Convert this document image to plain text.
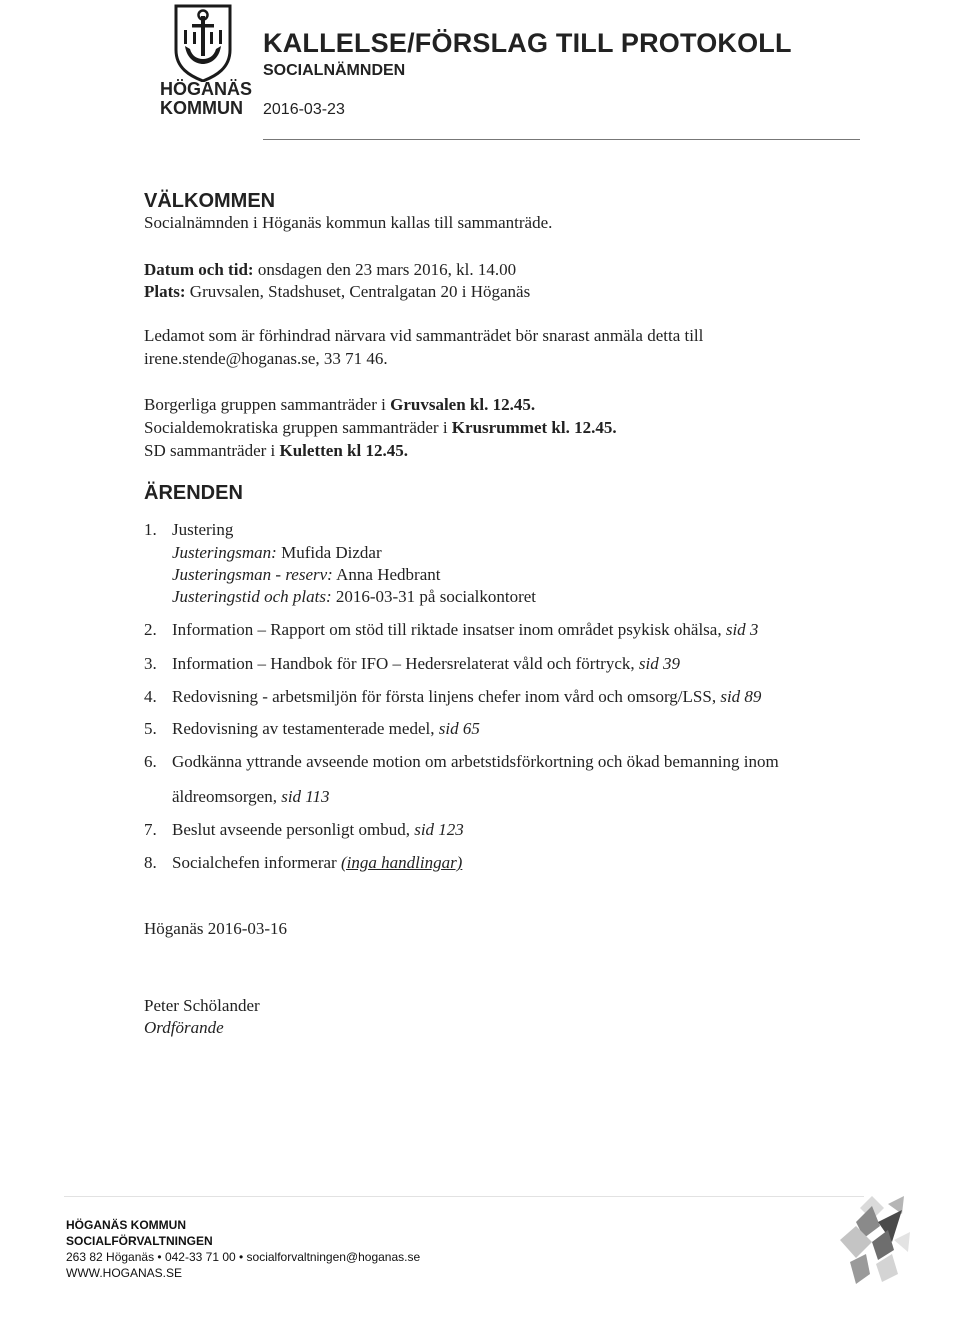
HÖGANÄS
KOMMUN
KALLELSE/FÖRSLAG TILL PROTOKOLL
SOCIALNÄMNDEN
2016-03-23
VÄLKOMMEN
Socialnämnden i Höganäs kommun kallas till sammanträde.
Datum och tid: onsdagen den 23 mars 2016, kl. 14.00
Plats: Gruvsalen, Stadshuset, Centralgatan 20 i Höganäs
Ledamot som är förhindrad närvara vid sammanträdet bör snarast anmäla detta till
irene.stende@hoganas.se, 33 71 46.
Borgerliga gruppen sammanträder i Gruvsalen kl. 12.45.
Socialdemokratiska gruppen sammanträder i Krusrummet kl. 12.45.
SD sammanträder i Kuletten kl 12.45.
ÄRENDEN
1. Justering
Justeringsman: Mufida Dizdar
Justeringsman - reserv: Anna Hedbrant
Justeringstid och plats: 2016-03-31 på socialkontoret
2. Information – Rapport om stöd till riktade insatser inom området psykisk ohälsa, sid 3
3. Information – Handbok för IFO – Hedersrelaterat våld och förtryck, sid 39
4. Redovisning - arbetsmiljön för första linjens chefer inom vård och omsorg/LSS, sid 89
5. Redovisning av testamenterade medel, sid 65
6. Godkänna yttrande avseende motion om arbetstidsförkortning och ökad bemanning inom
äldreomsorgen, sid 113
7. Beslut avseende personligt ombud, sid 123
8. Socialchefen informerar (inga handlingar)
Höganäs 2016-03-16
Peter Schölander
Ordförande
HÖGANÄS KOMMUN
SOCIALFÖRVALTNINGEN
263 82 Höganäs • 042-33 71 00 • socialforvaltningen@hoganas.se
WWW.HOGANAS.SE
